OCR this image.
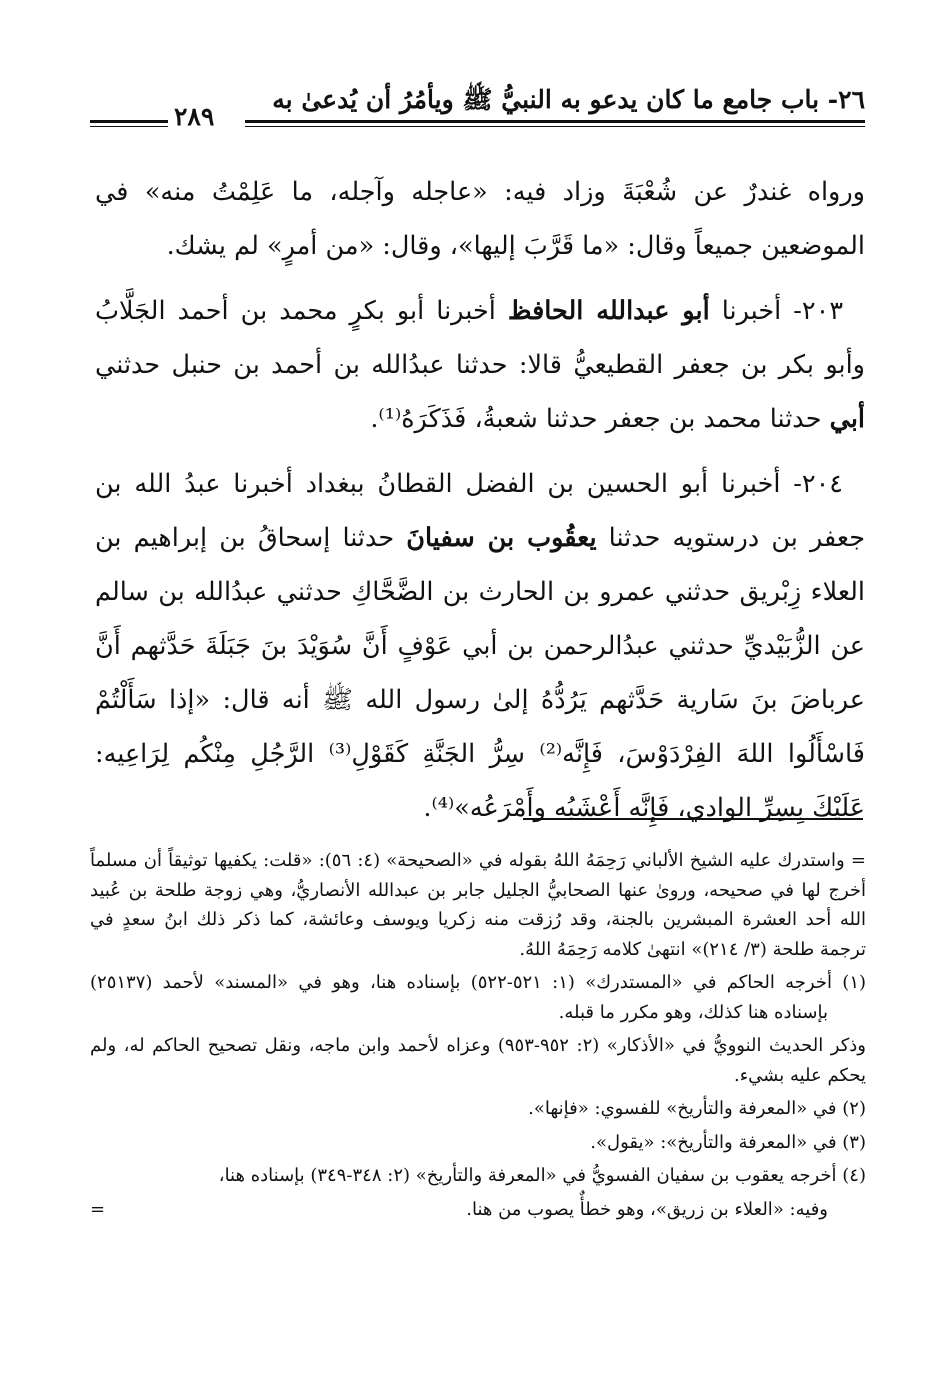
٢٦- باب جامع ما كان يدعو به النبيُّ ﷺ ويأمُرُ أن يُدعىٰ به
٢٨٩

ورواه غندرٌ عن شُعْبَةَ وزاد فيه: «عاجله وآجله، ما عَلِمْتُ منه» في الموضعين جميعاً وقال: «ما قَرَّبَ إليها»، وقال: «من أمرٍ» لم يشك.

٢٠٣- أخبرنا أبو عبدالله الحافظ أخبرنا أبو بكرٍ محمد بن أحمد الجَلَّابُ وأبو بكر بن جعفر القطيعيُّ قالا: حدثنا عبدُالله بن أحمد بن حنبل حدثني أبي حدثنا محمد بن جعفر حدثنا شعبةُ، فَذَكَرَهُ⁽¹⁾.

٢٠٤- أخبرنا أبو الحسين بن الفضل القطانُ ببغداد أخبرنا عبدُ الله بن جعفر بن درستويه حدثنا يعقُوب بن سفيانَ حدثنا إسحاقُ بن إبراهيم بن العلاء زِبْريق حدثني عمرو بن الحارث بن الضَّحَّاكِ حدثني عبدُالله بن سالم عن الزُّبَيْديِّ حدثني عبدُالرحمن بن أبي عَوْفٍ أَنَّ سُوَيْدَ بنَ جَبَلَةَ حَدَّثهم أَنَّ عرباضَ بنَ سَارية حَدَّثهم يَرُدُّهُ إلىٰ رسول الله ﷺ أنه قال: «إذا سَأَلْتُمْ فَاسْأَلُوا اللهَ الفِرْدَوْسَ، فَإِنَّه⁽²⁾ سِرُّ الجَنَّةِ كَقَوْلِ⁽³⁾ الرَّجُلِ مِنْكُم لِرَاعِيه: عَلَيْكَ بِسِرِّ الوادي، فَإِنَّه أَعْشَبُه وأَمْرَعُه»⁽⁴⁾.

= واستدرك عليه الشيخ الألباني رَحِمَهُ اللهُ بقوله في «الصحيحة» (٤: ٥٦): «قلت: يكفيها توثيقاً أن مسلماً أخرج لها في صحيحه، وروىٰ عنها الصحابيُّ الجليل جابر بن عبدالله الأنصاريُّ، وهي زوجة طلحة بن عُبيد الله أحد العشرة المبشرين بالجنة، وقد رُزقت منه زكريا ويوسف وعائشة، كما ذكر ذلك ابنُ سعدٍ في ترجمة طلحة (٣/ ٢١٤)» انتهىٰ كلامه رَحِمَهُ اللهُ.

(١) أخرجه الحاكم في «المستدرك» (١: ٥٢١-٥٢٢) بإسناده هنا، وهو في «المسند» لأحمد (٢٥١٣٧) بإسناده هنا كذلك، وهو مكرر ما قبله.

وذكر الحديث النوويُّ في «الأذكار» (٢: ٩٥٢-٩٥٣) وعزاه لأحمد وابن ماجه، ونقل تصحيح الحاكم له، ولم يحكم عليه بشيء.

(٢) في «المعرفة والتأريخ» للفسوي: «فإنها».

(٣) في «المعرفة والتأريخ»: «يقول».

(٤) أخرجه يعقوب بن سفيان الفسويُّ في «المعرفة والتأريخ» (٢: ٣٤٨-٣٤٩) بإسناده هنا،

وفيه: «العلاء بن زريق»، وهو خطأٌ يصوب من هنا.
=
